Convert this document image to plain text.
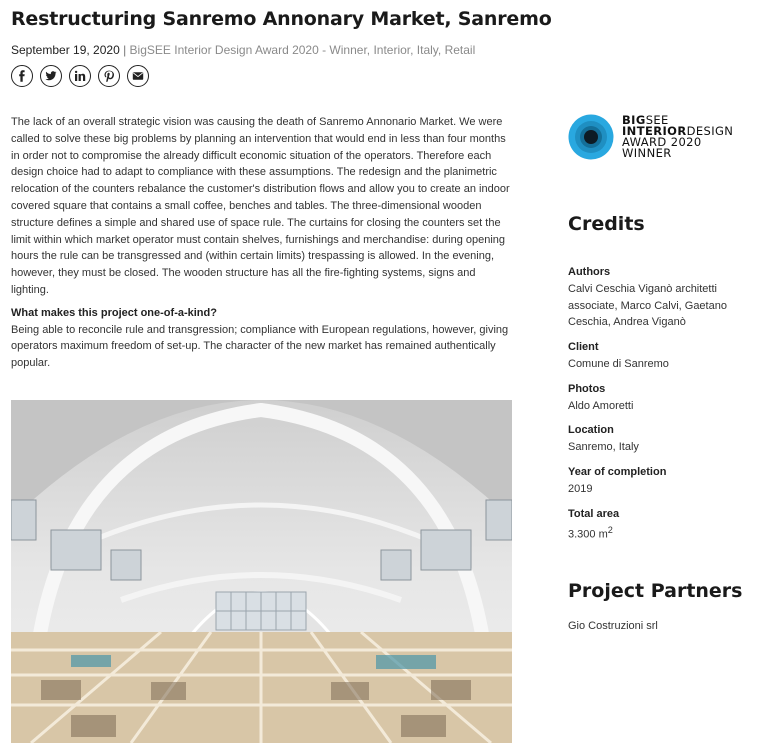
Restructuring Sanremo Annonary Market, Sanremo
September 19, 2020 | BigSEE Interior Design Award 2020 - Winner, Interior, Italy, Retail

The lack of an overall strategic vision was causing the death of Sanremo Annonario Market. We were called to solve these big problems by planning an intervention that would end in less than four months in order not to compromise the already difficult economic situation of the operators. Therefore each design choice had to adapt to compliance with these assumptions. The redesign and the planimetric relocation of the counters rebalance the customer's distribution flows and allow you to create an indoor covered square that contains a small coffee, benches and tables. The three-dimensional wooden structure defines a simple and shared use of space rule. The curtains for closing the counters set the limit within which market operator must contain shelves, furnishings and merchandise: during opening hours the rule can be transgressed and (within certain limits) trespassing is allowed. In the evening, however, they must be closed. The wooden structure has all the fire-fighting systems, signs and lighting.

What makes this project one-of-a-kind?

Being able to reconcile rule and transgression; compliance with European regulations, however, giving operators maximum freedom of set-up. The character of the new market has remained authentically popular.

BIGSEE
INTERIORDESIGN
AWARD 2020
WINNER
Credits
Authors
Calvi Ceschia Viganò architetti associate, Marco Calvi, Gaetano Ceschia, Andrea Viganò
Client
Comune di Sanremo
Photos
Aldo Amoretti
Location
Sanremo, Italy
Year of completion
2019
Total area
3.300 $m^2$
Project Partners
Gio Costruzioni srl
